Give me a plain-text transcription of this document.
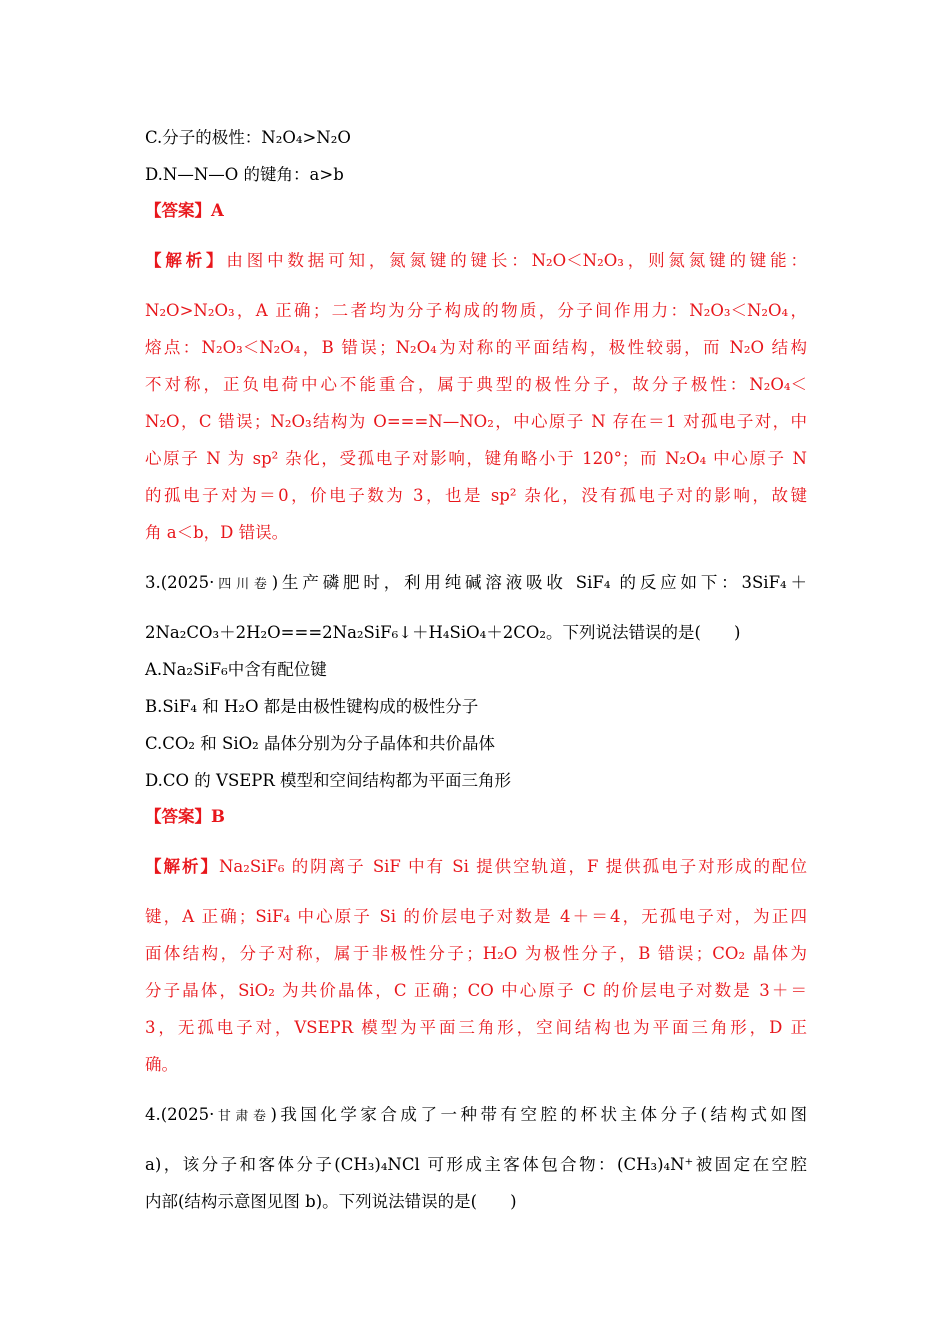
C.分子的极性：N₂O₄>N₂O
D.N—N—O 的键角：a>b
【答案】A
【解析】由图中数据可知，氮氮键的键长：N₂O＜N₂O₃，则氮氮键的键能：
N₂O>N₂O₃，A 正确；二者均为分子构成的物质，分子间作用力：N₂O₃＜N₂O₄，
熔点：N₂O₃＜N₂O₄，B 错误；N₂O₄为对称的平面结构，极性较弱，而 N₂O 结构
不对称，正负电荷中心不能重合，属于典型的极性分子，故分子极性：N₂O₄＜
N₂O，C 错误；N₂O₃结构为 O===N—NO₂，中心原子 N 存在＝1 对孤电子对，中
心原子 N 为 sp² 杂化，受孤电子对影响，键角略小于 120°；而 N₂O₄ 中心原子 N
的孤电子对为＝0，价电子数为 3，也是 sp² 杂化，没有孤电子对的影响，故键
角 a＜b，D 错误。
3.(2025·四川卷)生产磷肥时，利用纯碱溶液吸收 SiF₄ 的反应如下：3SiF₄＋
2Na₂CO₃＋2H₂O===2Na₂SiF₆↓＋H₄SiO₄＋2CO₂。下列说法错误的是(　　)
A.Na₂SiF₆中含有配位键
B.SiF₄ 和 H₂O 都是由极性键构成的极性分子
C.CO₂ 和 SiO₂ 晶体分别为分子晶体和共价晶体
D.CO 的 VSEPR 模型和空间结构都为平面三角形
【答案】B
【解析】Na₂SiF₆ 的阴离子 SiF 中有 Si 提供空轨道，F 提供孤电子对形成的配位
键，A 正确；SiF₄ 中心原子 Si 的价层电子对数是 4＋＝4，无孤电子对，为正四
面体结构，分子对称，属于非极性分子；H₂O 为极性分子，B 错误；CO₂ 晶体为
分子晶体，SiO₂ 为共价晶体，C 正确；CO 中心原子 C 的价层电子对数是 3＋＝
3，无孤电子对，VSEPR 模型为平面三角形，空间结构也为平面三角形，D 正
确。
4.(2025·甘肃卷)我国化学家合成了一种带有空腔的杯状主体分子(结构式如图
a)，该分子和客体分子(CH₃)₄NCl 可形成主客体包合物：(CH₃)₄N⁺被固定在空腔
内部(结构示意图见图 b)。下列说法错误的是(　　)
